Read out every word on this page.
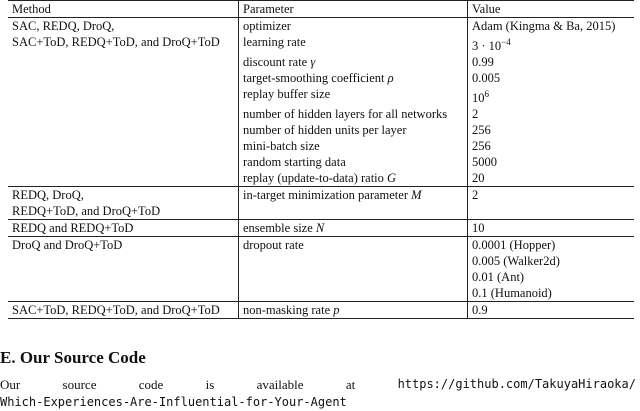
Method	Parameter	Value

SAC, REDQ, DroQ,
SAC+ToD, REDQ+ToD, and DroQ+ToD	optimizer	Adam (Kingma & Ba, 2015)
	learning rate	$3 \cdot 10^{-4}$
	discount rate γ	0.99
	target-smoothing coefficient ρ	0.005
	replay buffer size	$10^6$
	number of hidden layers for all networks	2
	number of hidden units per layer	256
	mini-batch size	256
	random starting data	5000
	replay (update-to-data) ratio G	20

REDQ, DroQ,
REDQ+ToD, and DroQ+ToD	in-target minimization parameter M	2
REDQ and REDQ+ToD	ensemble size N	10
DroQ and DroQ+ToD	dropout rate	0.0001 (Hopper)
0.005 (Walker2d)
0.01 (Ant)
0.1 (Humanoid)

SAC+ToD, REDQ+ToD, and DroQ+ToD	non-masking rate p	0.9
E. Our Source Code
Our	source	code	is	available	at	https://github.com/TakuyaHiraoka/
Which-Experiences-Are-Influential-for-Your-Agent
